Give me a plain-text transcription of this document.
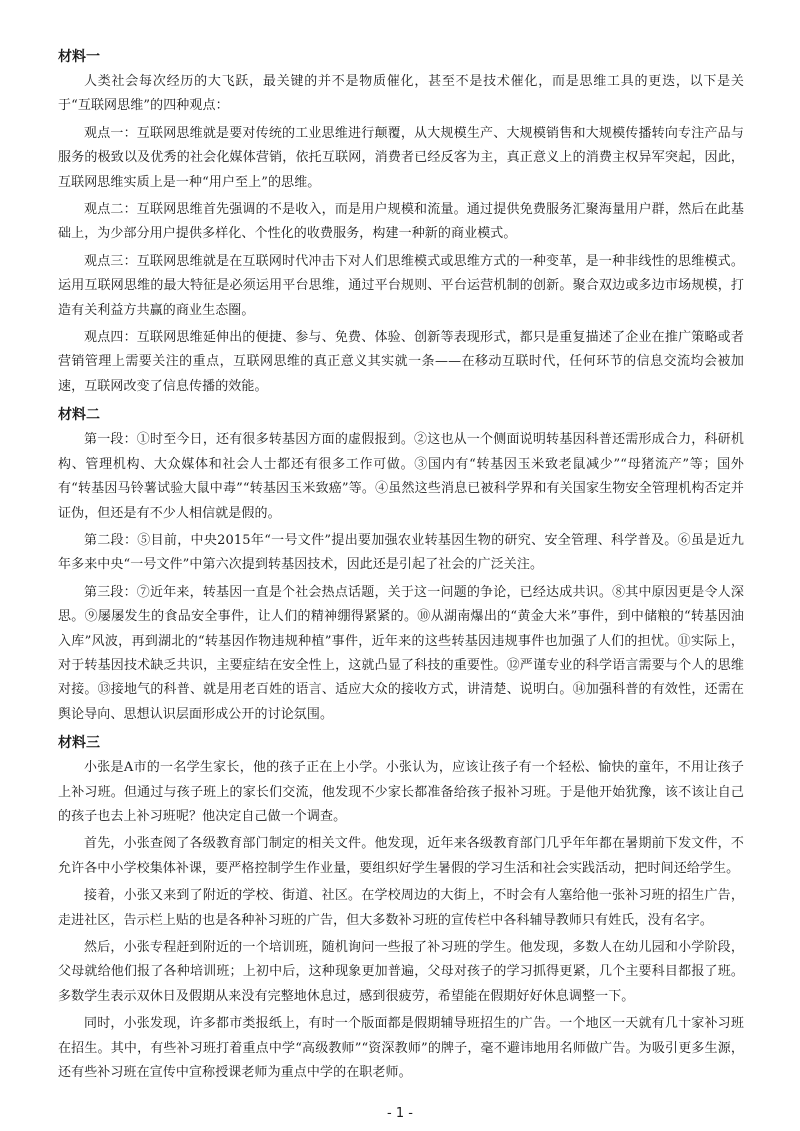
材料一

人类社会每次经历的大飞跃，最关键的并不是物质催化，甚至不是技术催化，而是思维工具的更迭，以下是关于“互联网思维”的四种观点：

观点一：互联网思维就是要对传统的工业思维进行颠覆，从大规模生产、大规模销售和大规模传播转向专注产品与服务的极致以及优秀的社会化媒体营销，依托互联网，消费者已经反客为主，真正意义上的消费主权异军突起，因此，互联网思维实质上是一种“用户至上”的思维。

观点二：互联网思维首先强调的不是收入，而是用户规模和流量。通过提供免费服务汇聚海量用户群，然后在此基础上，为少部分用户提供多样化、个性化的收费服务，构建一种新的商业模式。

观点三：互联网思维就是在互联网时代冲击下对人们思维模式或思维方式的一种变革，是一种非线性的思维模式。运用互联网思维的最大特征是必须运用平台思维，通过平台规则、平台运营机制的创新。聚合双边或多边市场规模，打造有关利益方共赢的商业生态圈。

观点四：互联网思维延伸出的便捷、参与、免费、体验、创新等表现形式，都只是重复描述了企业在推广策略或者营销管理上需要关注的重点，互联网思维的真正意义其实就一条——在移动互联时代，任何环节的信息交流均会被加速，互联网改变了信息传播的效能。

材料二

第一段：①时至今日，还有很多转基因方面的虚假报到。②这也从一个侧面说明转基因科普还需形成合力，科研机构、管理机构、大众媒体和社会人士都还有很多工作可做。③国内有“转基因玉米致老鼠减少”“母猪流产”等；国外有“转基因马铃薯试验大鼠中毒”“转基因玉米致癌”等。④虽然这些消息已被科学界和有关国家生物安全管理机构否定并证伪，但还是有不少人相信就是假的。

第二段：⑤目前，中央2015年“一号文件”提出要加强农业转基因生物的研究、安全管理、科学普及。⑥虽是近九年多来中央“一号文件”中第六次提到转基因技术，因此还是引起了社会的广泛关注。

第三段：⑦近年来，转基因一直是个社会热点话题，关于这一问题的争论，已经达成共识。⑧其中原因更是令人深思。⑨屡屡发生的食品安全事件，让人们的精神绷得紧紧的。⑩从湖南爆出的“黄金大米”事件，到中储粮的“转基因油入库”风波，再到湖北的“转基因作物违规种植”事件，近年来的这些转基因违规事件也加强了人们的担忧。⑪实际上，对于转基因技术缺乏共识，主要症结在安全性上，这就凸显了科技的重要性。⑫严谨专业的科学语言需要与个人的思维对接。⑬接地气的科普、就是用老百姓的语言、适应大众的接收方式，讲清楚、说明白。⑭加强科普的有效性，还需在舆论导向、思想认识层面形成公开的讨论氛围。

材料三

小张是A市的一名学生家长，他的孩子正在上小学。小张认为，应该让孩子有一个轻松、愉快的童年，不用让孩子上补习班。但通过与孩子班上的家长们交流，他发现不少家长都准备给孩子报补习班。于是他开始犹豫，该不该让自己的孩子也去上补习班呢？他决定自己做一个调查。

首先，小张查阅了各级教育部门制定的相关文件。他发现，近年来各级教育部门几乎年年都在暑期前下发文件，不允许各中小学校集体补课，要严格控制学生作业量，要组织好学生暑假的学习生活和社会实践活动，把时间还给学生。

接着，小张又来到了附近的学校、街道、社区。在学校周边的大街上，不时会有人塞给他一张补习班的招生广告，走进社区，告示栏上贴的也是各种补习班的广告，但大多数补习班的宣传栏中各科辅导教师只有姓氏，没有名字。

然后，小张专程赶到附近的一个培训班，随机询问一些报了补习班的学生。他发现，多数人在幼儿园和小学阶段，父母就给他们报了各种培训班；上初中后，这种现象更加普遍，父母对孩子的学习抓得更紧，几个主要科目都报了班。多数学生表示双休日及假期从来没有完整地休息过，感到很疲劳，希望能在假期好好休息调整一下。

同时，小张发现，许多都市类报纸上，有时一个版面都是假期辅导班招生的广告。一个地区一天就有几十家补习班在招生。其中，有些补习班打着重点中学“高级教师”“资深教师”的牌子，毫不避讳地用名师做广告。为吸引更多生源，还有些补习班在宣传中宣称授课老师为重点中学的在职老师。

- 1 -
